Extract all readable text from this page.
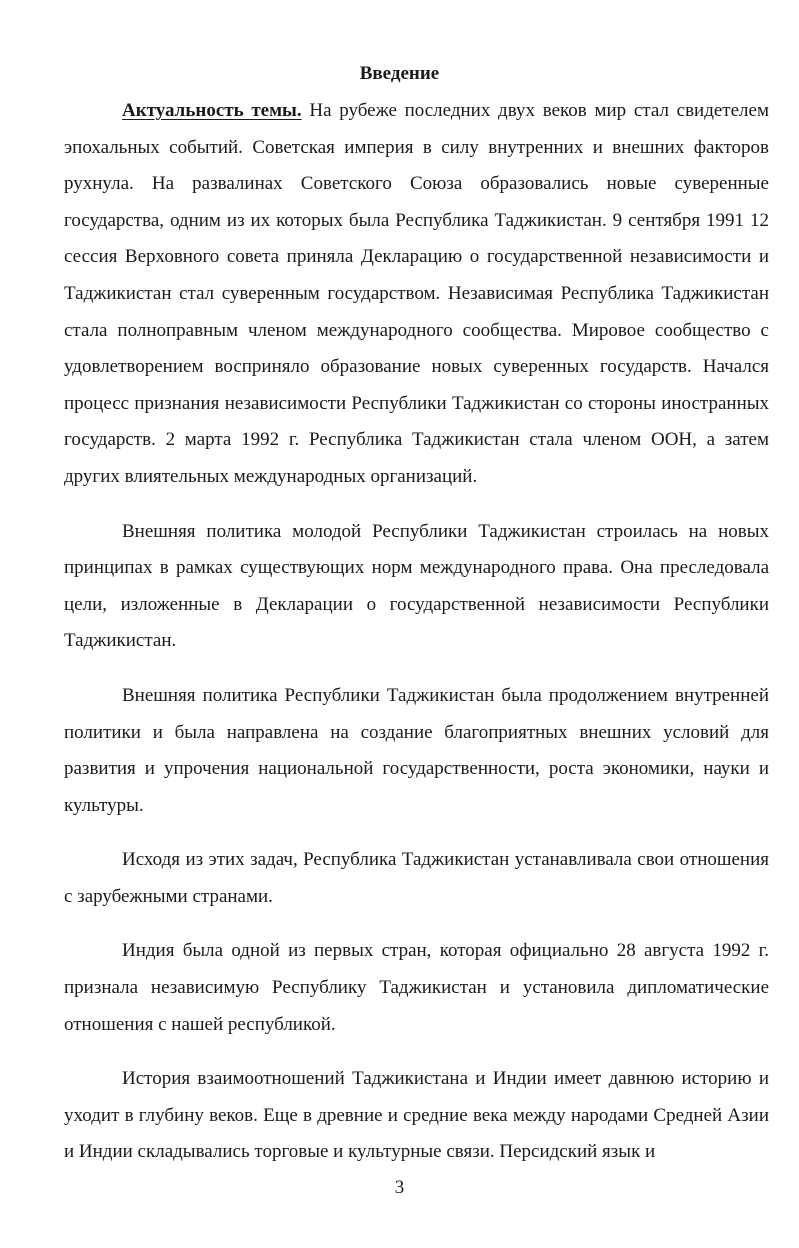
Введение

Актуальность темы. На рубеже последних двух веков мир стал свидетелем эпохальных событий. Советская империя в силу внутренних и внешних факторов рухнула. На развалинах Советского Союза образовались новые суверенные государства, одним из их которых была Республика Таджикистан. 9 сентября 1991 12 сессия Верховного совета приняла Декларацию о государственной независимости и Таджикистан стал суверенным государством. Независимая Республика Таджикистан стала полноправным членом международного сообщества. Мировое сообщество с удовлетворением восприняло образование новых суверенных государств. Начался процесс признания независимости Республики Таджикистан со стороны иностранных государств. 2 марта 1992 г. Республика Таджикистан стала членом ООН, а затем других влиятельных международных организаций.

Внешняя политика молодой Республики Таджикистан строилась на новых принципах в рамках существующих норм международного права. Она преследовала цели, изложенные в Декларации о государственной независимости Республики Таджикистан.

Внешняя политика Республики Таджикистан была продолжением внутренней политики и была направлена на создание благоприятных внешних условий для развития и упрочения национальной государственности, роста экономики, науки и культуры.

Исходя из этих задач, Республика Таджикистан устанавливала свои отношения с зарубежными странами.

Индия была одной из первых стран, которая официально 28 августа 1992 г. признала независимую Республику Таджикистан и установила дипломатические отношения с нашей республикой.

История взаимоотношений Таджикистана и Индии имеет давнюю историю и уходит в глубину веков. Еще в древние и средние века между народами Средней Азии и Индии складывались торговые и культурные связи. Персидский язык и

3
